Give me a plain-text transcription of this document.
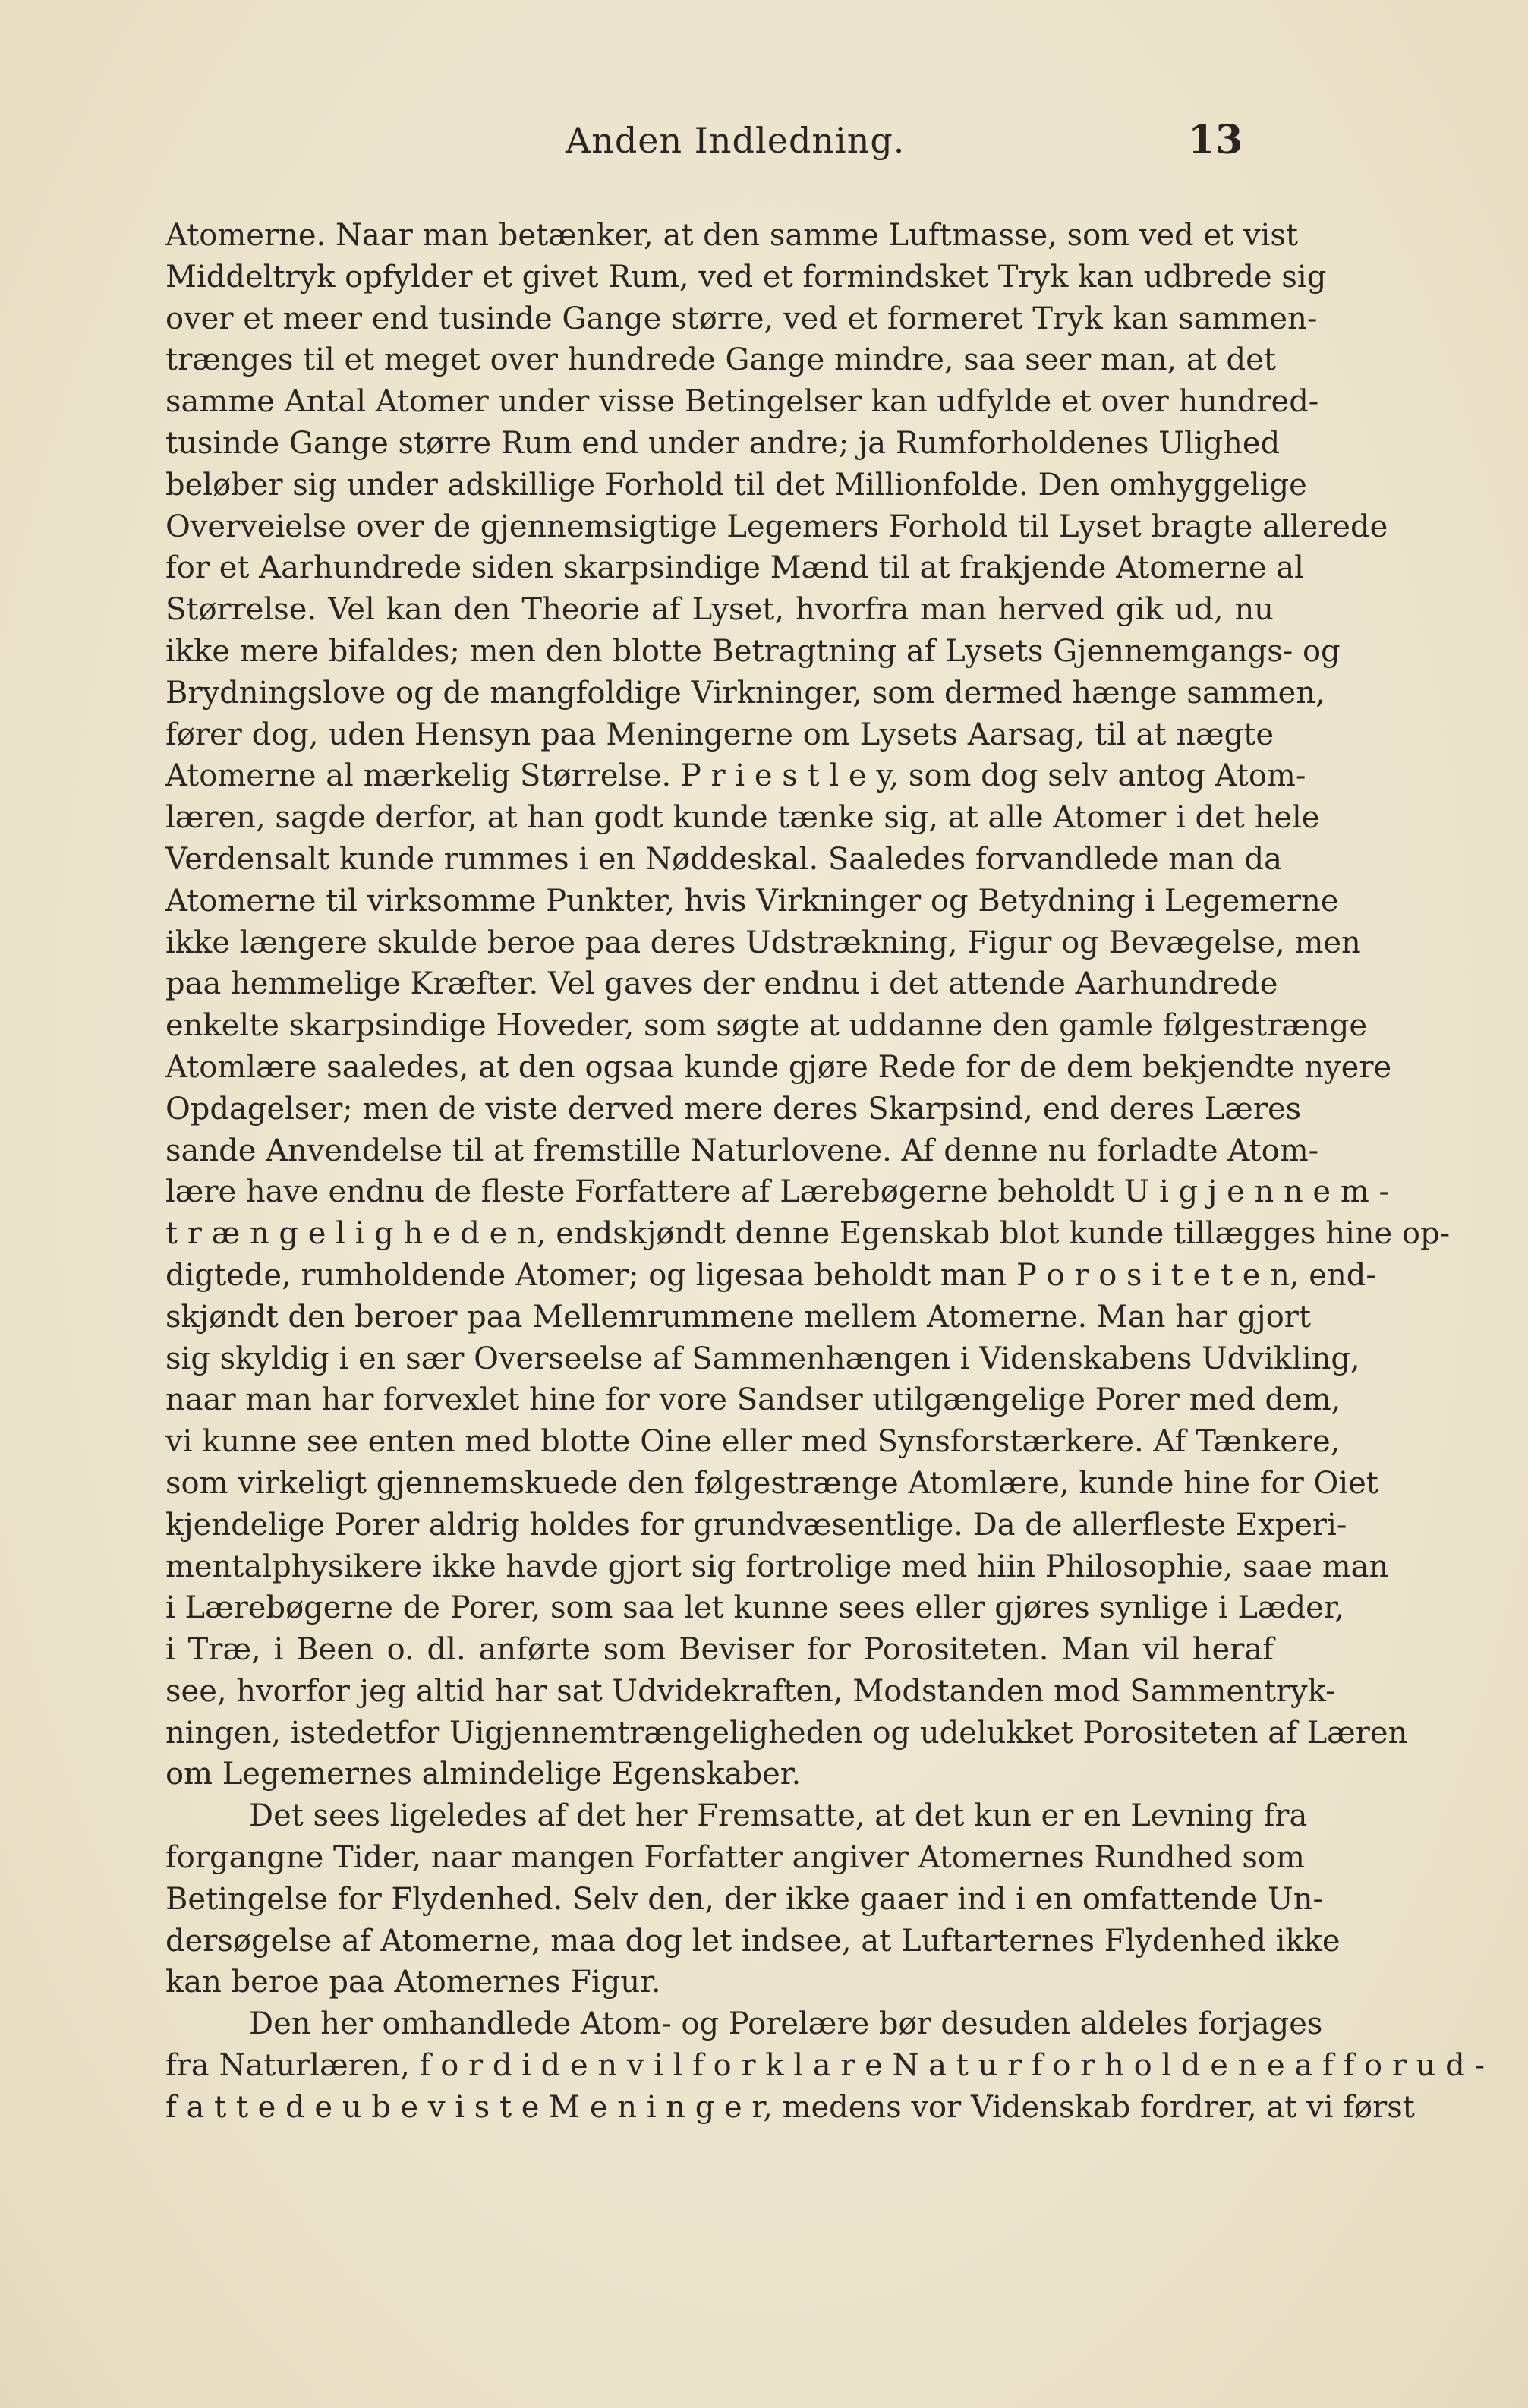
Anden Indledning.	13
Atomerne. Naar man betænker, at den samme Luftmasse, som ved et vist
Middeltryk opfylder et givet Rum, ved et formindsket Tryk kan udbrede sig
over et meer end tusinde Gange større, ved et formeret Tryk kan sammen-
trænges til et meget over hundrede Gange mindre, saa seer man, at det
samme Antal Atomer under visse Betingelser kan udfylde et over hundred-
tusinde Gange større Rum end under andre; ja Rumforholdenes Ulighed
beløber sig under adskillige Forhold til det Millionfolde. Den omhyggelige
Overveielse over de gjennemsigtige Legemers Forhold til Lyset bragte allerede
for et Aarhundrede siden skarpsindige Mænd til at frakjende Atomerne al
Størrelse. Vel kan den Theorie af Lyset, hvorfra man herved gik ud, nu
ikke mere bifaldes; men den blotte Betragtning af Lysets Gjennemgangs- og
Brydningslove og de mangfoldige Virkninger, som dermed hænge sammen,
fører dog, uden Hensyn paa Meningerne om Lysets Aarsag, til at nægte
Atomerne al mærkelig Størrelse. P r i e s t l e y, som dog selv antog Atom-
læren, sagde derfor, at han godt kunde tænke sig, at alle Atomer i det hele
Verdensalt kunde rummes i en Nøddeskal. Saaledes forvandlede man da
Atomerne til virksomme Punkter, hvis Virkninger og Betydning i Legemerne
ikke længere skulde beroe paa deres Udstrækning, Figur og Bevægelse, men
paa hemmelige Kræfter. Vel gaves der endnu i det attende Aarhundrede
enkelte skarpsindige Hoveder, som søgte at uddanne den gamle følgestrænge
Atomlære saaledes, at den ogsaa kunde gjøre Rede for de dem bekjendte nyere
Opdagelser; men de viste derved mere deres Skarpsind, end deres Læres
sande Anvendelse til at fremstille Naturlovene. Af denne nu forladte Atom-
lære have endnu de fleste Forfattere af Lærebøgerne beholdt U i g j e n n e m -
t r æ n g e l i g h e d e n, endskjøndt denne Egenskab blot kunde tillægges hine op-
digtede, rumholdende Atomer; og ligesaa beholdt man P o r o s i t e t e n, end-
skjøndt den beroer paa Mellemrummene mellem Atomerne. Man har gjort
sig skyldig i en sær Overseelse af Sammenhængen i Videnskabens Udvikling,
naar man har forvexlet hine for vore Sandser utilgængelige Porer med dem,
vi kunne see enten med blotte Oine eller med Synsforstærkere. Af Tænkere,
som virkeligt gjennemskuede den følgestrænge Atomlære, kunde hine for Oiet
kjendelige Porer aldrig holdes for grundvæsentlige. Da de allerfleste Experi-
mentalphysikere ikke havde gjort sig fortrolige med hiin Philosophie, saae man
i Lærebøgerne de Porer, som saa let kunne sees eller gjøres synlige i Læder,
i Træ, i Been o. dl. anførte som Beviser for Porositeten. Man vil heraf
see, hvorfor jeg altid har sat Udvidekraften, Modstanden mod Sammentryk-
ningen, istedetfor Uigjennemtrængeligheden og udelukket Porositeten af Læren
om Legemernes almindelige Egenskaber.
Det sees ligeledes af det her Fremsatte, at det kun er en Levning fra
forgangne Tider, naar mangen Forfatter angiver Atomernes Rundhed som
Betingelse for Flydenhed. Selv den, der ikke gaaer ind i en omfattende Un-
dersøgelse af Atomerne, maa dog let indsee, at Luftarternes Flydenhed ikke
kan beroe paa Atomernes Figur.
Den her omhandlede Atom- og Porelære bør desuden aldeles forjages
fra Naturlæren, f o r d i d e n v i l f o r k l a r e N a t u r f o r h o l d e n e a f f o r u d -
f a t t e d e u b e v i s t e M e n i n g e r, medens vor Videnskab fordrer, at vi først
